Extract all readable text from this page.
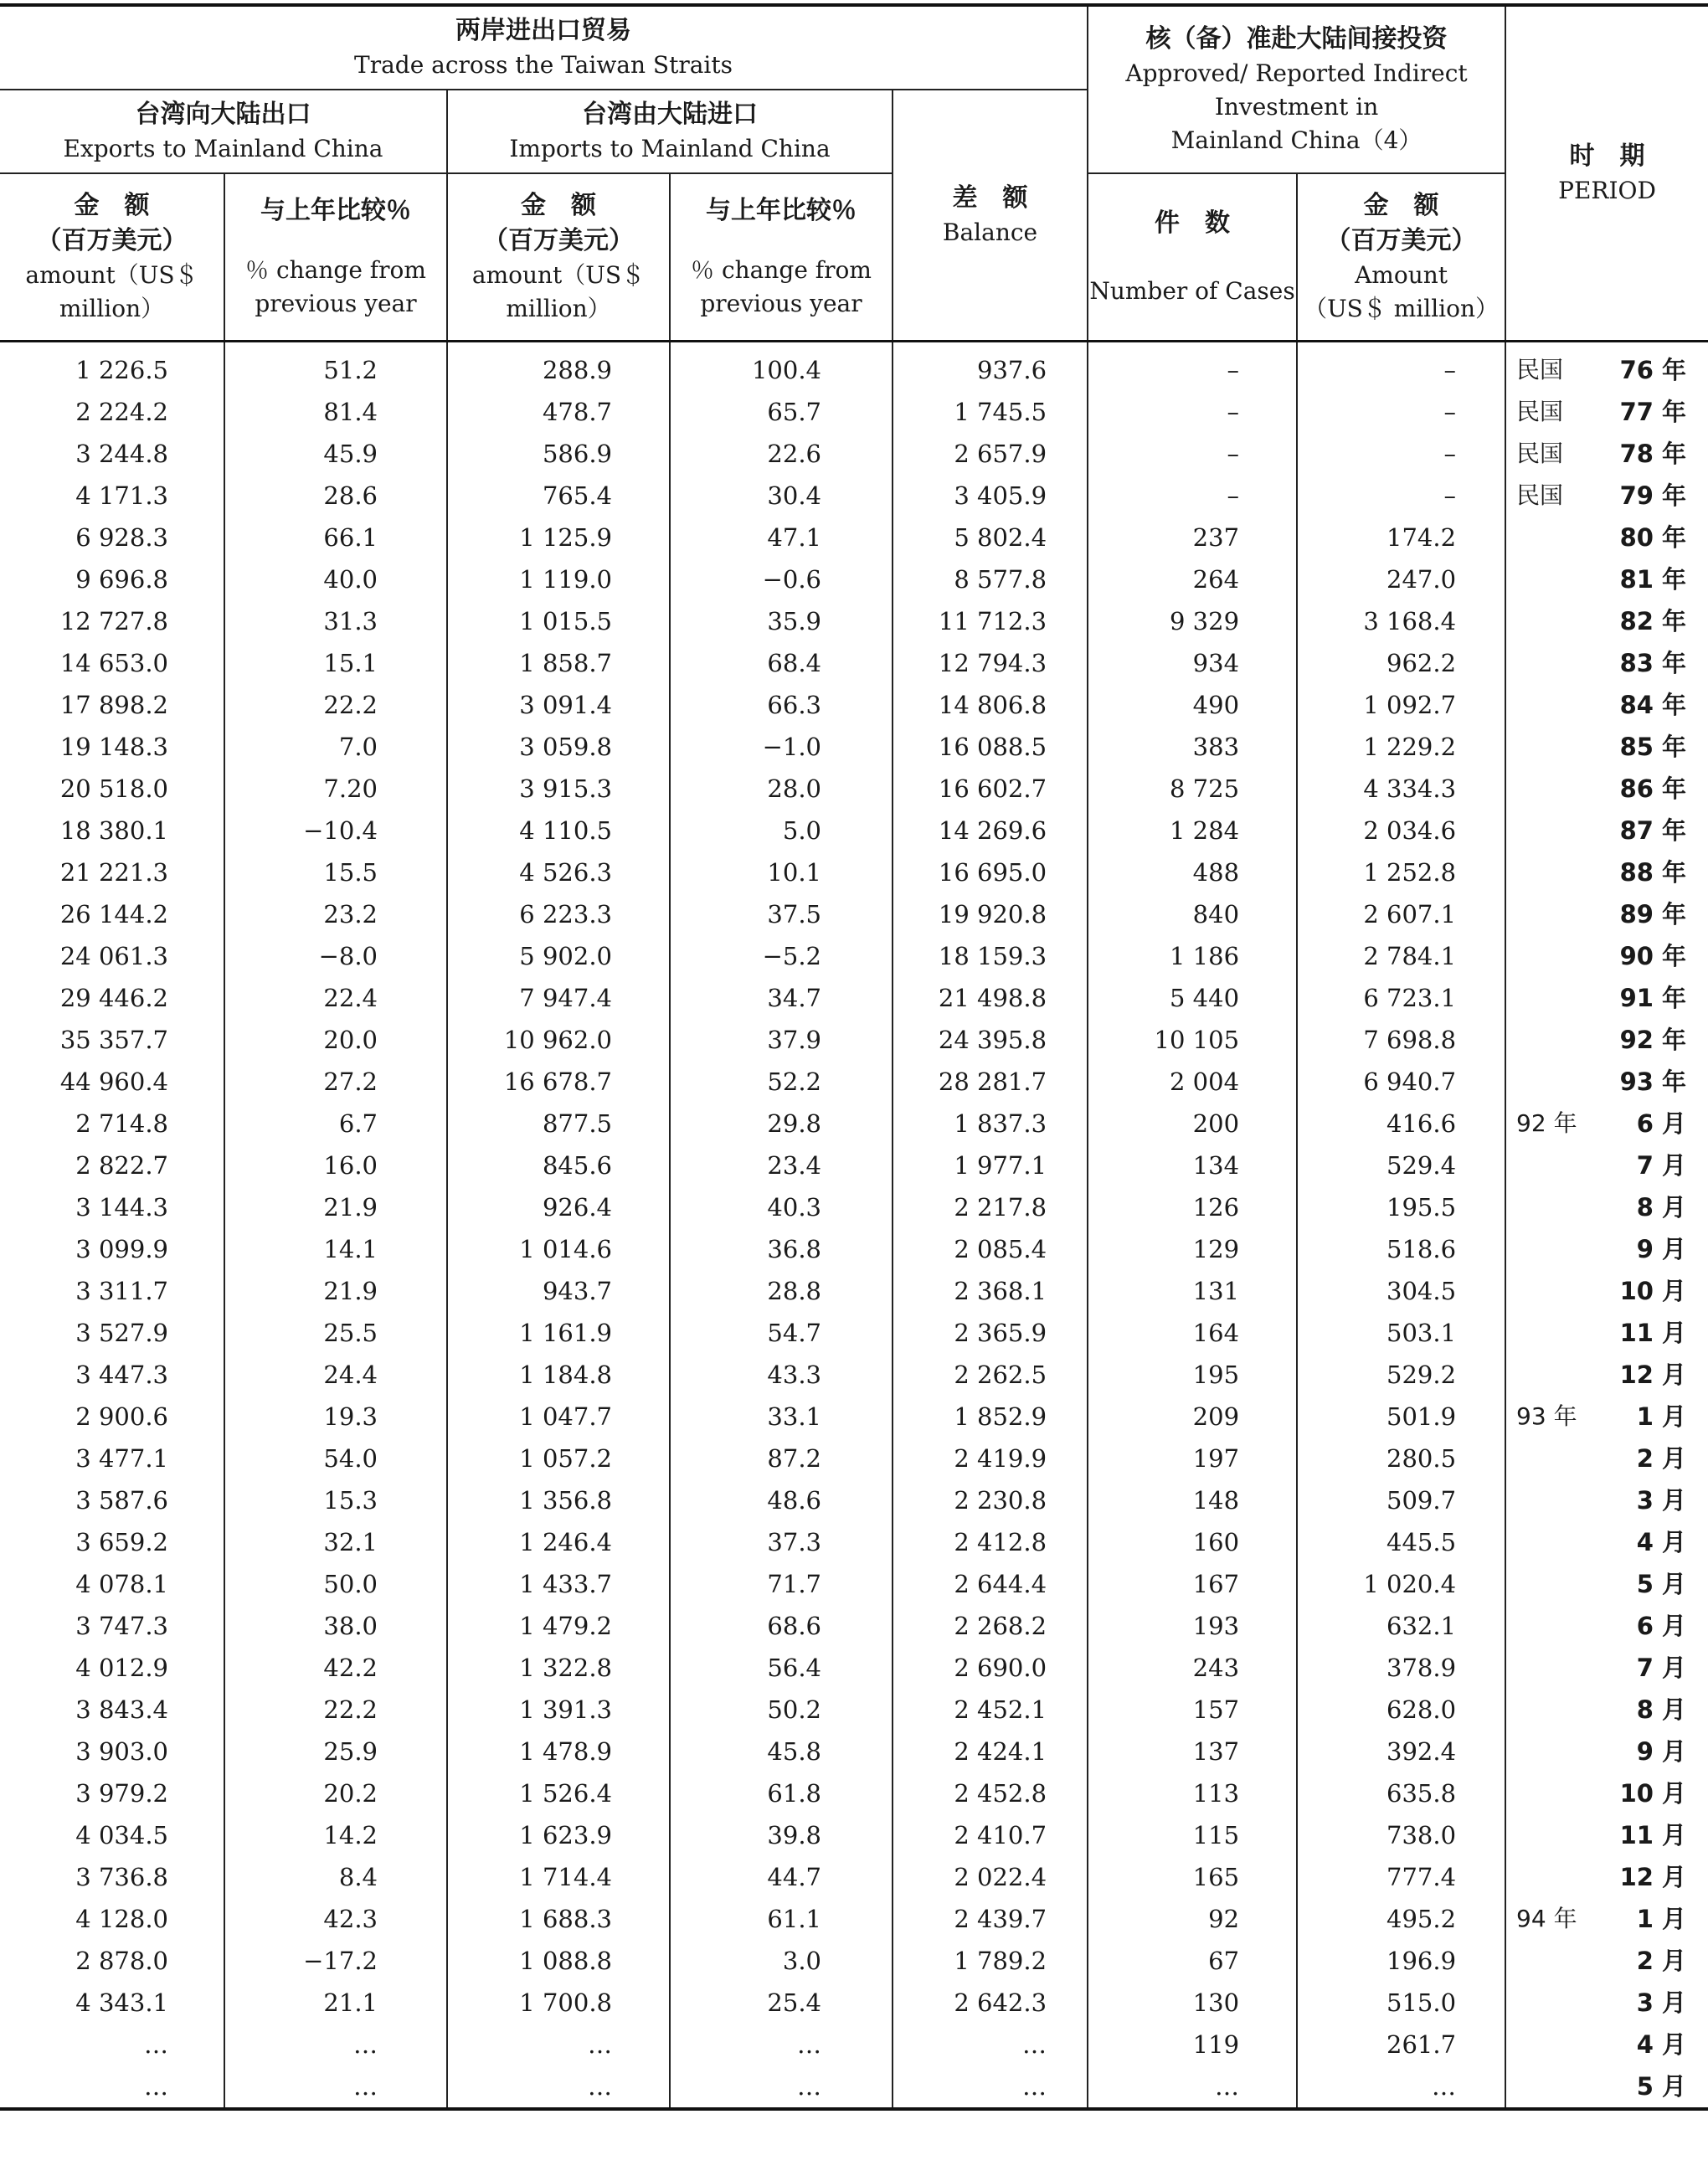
两岸进出口贸易
Trade across the Taiwan Straits					核（备）准赴大陆间接投资
Approved/ Reported Indirect
Investment in
Mainland China（4）		时　期
PERIOD

台湾向大陆出口
Exports to Mainland China		台湾由大陆进口
Imports to Mainland China		差　额
Balance			

金　额
（百万美元）
amount（US＄
million）	与上年比较％
％ change from
previous year	金　额
（百万美元）
amount（US＄
million）	与上年比较％
％ change from
previous year		件　数
Number of Cases	金　额
（百万美元）
Amount
（US＄ million）	

1 226.5	51.2	288.9	100.4	937.6	–	–	民国 76 年

2 224.2	81.4	478.7	65.7	1 745.5	–	–	民国 77 年

3 244.8	45.9	586.9	22.6	2 657.9	–	–	民国 78 年

4 171.3	28.6	765.4	30.4	3 405.9	–	–	民国 79 年

6 928.3	66.1	1 125.9	47.1	5 802.4	237	174.2	80 年

9 696.8	40.0	1 119.0	−0.6	8 577.8	264	247.0	81 年

12 727.8	31.3	1 015.5	35.9	11 712.3	9 329	3 168.4	82 年

14 653.0	15.1	1 858.7	68.4	12 794.3	934	962.2	83 年

17 898.2	22.2	3 091.4	66.3	14 806.8	490	1 092.7	84 年

19 148.3	7.0	3 059.8	−1.0	16 088.5	383	1 229.2	85 年

20 518.0	7.20	3 915.3	28.0	16 602.7	8 725	4 334.3	86 年

18 380.1	−10.4	4 110.5	5.0	14 269.6	1 284	2 034.6	87 年

21 221.3	15.5	4 526.3	10.1	16 695.0	488	1 252.8	88 年

26 144.2	23.2	6 223.3	37.5	19 920.8	840	2 607.1	89 年

24 061.3	−8.0	5 902.0	−5.2	18 159.3	1 186	2 784.1	90 年

29 446.2	22.4	7 947.4	34.7	21 498.8	5 440	6 723.1	91 年

35 357.7	20.0	10 962.0	37.9	24 395.8	10 105	7 698.8	92 年

44 960.4	27.2	16 678.7	52.2	28 281.7	2 004	6 940.7	93 年

2 714.8	6.7	877.5	29.8	1 837.3	200	416.6	92 年 6 月

2 822.7	16.0	845.6	23.4	1 977.1	134	529.4	7 月

3 144.3	21.9	926.4	40.3	2 217.8	126	195.5	8 月

3 099.9	14.1	1 014.6	36.8	2 085.4	129	518.6	9 月

3 311.7	21.9	943.7	28.8	2 368.1	131	304.5	10 月

3 527.9	25.5	1 161.9	54.7	2 365.9	164	503.1	11 月

3 447.3	24.4	1 184.8	43.3	2 262.5	195	529.2	12 月

2 900.6	19.3	1 047.7	33.1	1 852.9	209	501.9	93 年 1 月

3 477.1	54.0	1 057.2	87.2	2 419.9	197	280.5	2 月

3 587.6	15.3	1 356.8	48.6	2 230.8	148	509.7	3 月

3 659.2	32.1	1 246.4	37.3	2 412.8	160	445.5	4 月

4 078.1	50.0	1 433.7	71.7	2 644.4	167	1 020.4	5 月

3 747.3	38.0	1 479.2	68.6	2 268.2	193	632.1	6 月

4 012.9	42.2	1 322.8	56.4	2 690.0	243	378.9	7 月

3 843.4	22.2	1 391.3	50.2	2 452.1	157	628.0	8 月

3 903.0	25.9	1 478.9	45.8	2 424.1	137	392.4	9 月

3 979.2	20.2	1 526.4	61.8	2 452.8	113	635.8	10 月

4 034.5	14.2	1 623.9	39.8	2 410.7	115	738.0	11 月

3 736.8	8.4	1 714.4	44.7	2 022.4	165	777.4	12 月

4 128.0	42.3	1 688.3	61.1	2 439.7	92	495.2	94 年 1 月

2 878.0	−17.2	1 088.8	3.0	1 789.2	67	196.9	2 月

4 343.1	21.1	1 700.8	25.4	2 642.3	130	515.0	3 月

…	…	…	…	…	119	261.7	4 月

…	…	…	…	…	…	…	5 月
